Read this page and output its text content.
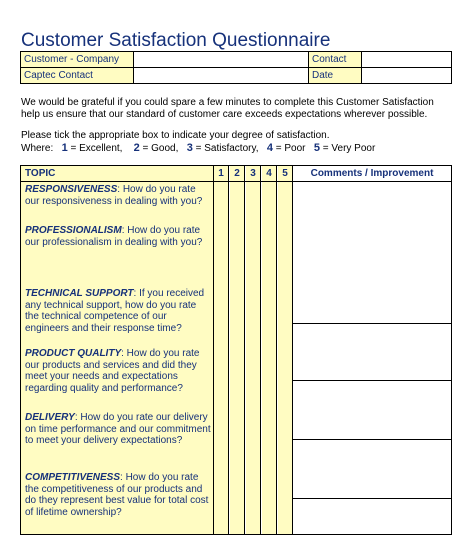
Customer Satisfaction Questionnaire
Customer - Company		Contact	
Captec Contact		Date	
We would be grateful if you could spare a few minutes to complete this Customer Satisfaction
help us ensure that our standard of customer care exceeds expectations wherever possible.
Please tick the appropriate box to indicate your degree of satisfaction.
Where: 1 = Excellent, 2 = Good, 3 = Satisfactory, 4 = Poor 5 = Very Poor
TOPIC	1	2	3	4	5	Comments / Improvement
RESPONSIVENESS: How do you rate our responsiveness in dealing with you?
PROFESSIONALISM: How do you rate our professionalism in dealing with you?
TECHNICAL SUPPORT: If you received any technical support, how do you rate the technical competence of our engineers and their response time?
PRODUCT QUALITY: How do you rate our products and services and did they meet your needs and expectations regarding quality and performance?
DELIVERY: How do you rate our delivery on time performance and our commitment to meet your delivery expectations?
COMPETITIVENESS: How do you rate the competitiveness of our products and do they represent best value for total cost of lifetime ownership?
